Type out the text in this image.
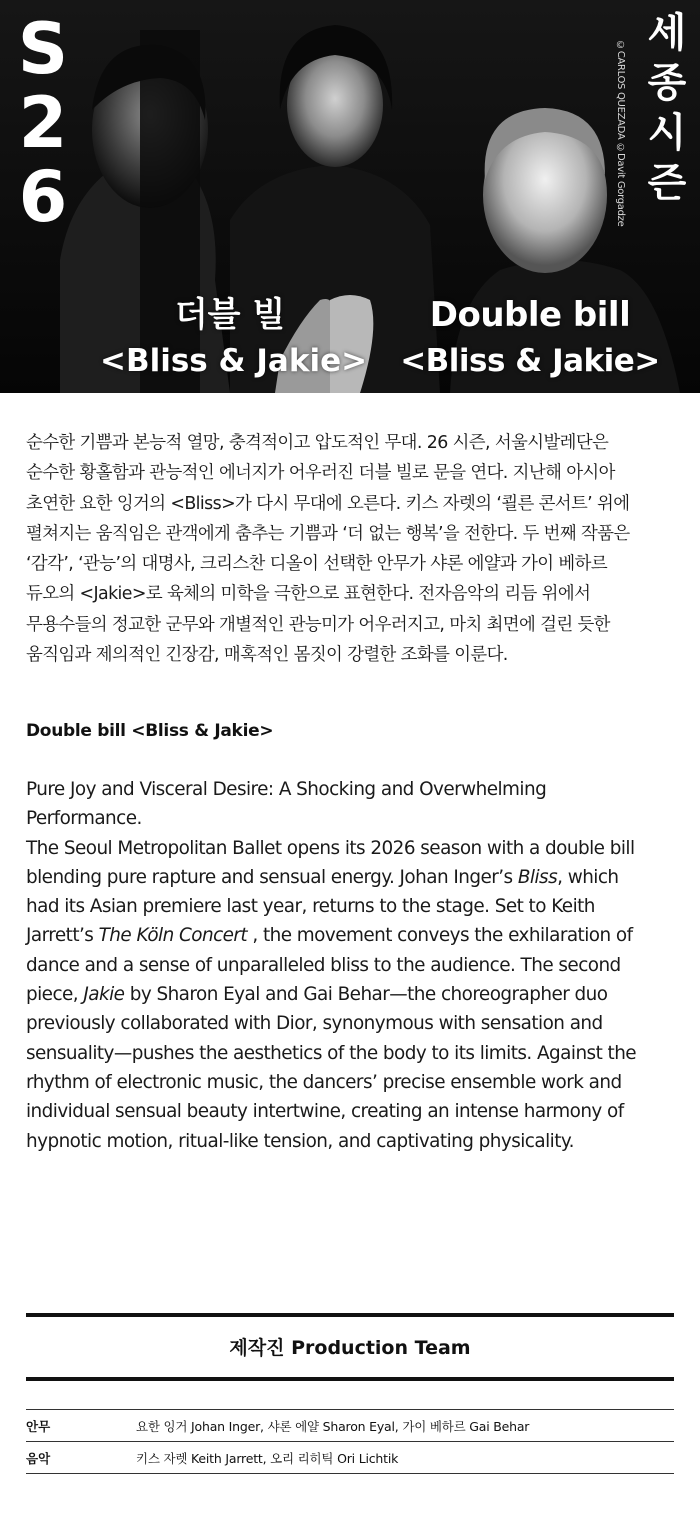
S
2
6	©CARLOS QUEZADA ©Davit Gorgadze
세
종
시
즌
더블 빌
<Bliss & Jakie>
Double bill
<Bliss & Jakie>

순수한 기쁨과 본능적 열망, 충격적이고 압도적인 무대. 26 시즌, 서울시발레단은
순수한 황홀함과 관능적인 에너지가 어우러진 더블 빌로 문을 연다. 지난해 아시아
초연한 요한 잉거의 <Bliss>가 다시 무대에 오른다. 키스 자렛의 ‘쾰른 콘서트’ 위에
펼쳐지는 움직임은 관객에게 춤추는 기쁨과 ‘더 없는 행복’을 전한다. 두 번째 작품은
‘감각’, ‘관능’의 대명사, 크리스찬 디올이 선택한 안무가 샤론 에얄과 가이 베하르
듀오의 <Jakie>로 육체의 미학을 극한으로 표현한다. 전자음악의 리듬 위에서
무용수들의 정교한 군무와 개별적인 관능미가 어우러지고, 마치 최면에 걸린 듯한
움직임과 제의적인 긴장감, 매혹적인 몸짓이 강렬한 조화를 이룬다.

Double bill <Bliss & Jakie>

Pure Joy and Visceral Desire: A Shocking and Overwhelming
Performance.
The Seoul Metropolitan Ballet opens its 2026 season with a double bill
blending pure rapture and sensual energy. Johan Inger’s Bliss, which
had its Asian premiere last year, returns to the stage. Set to Keith
Jarrett’s The Köln Concert , the movement conveys the exhilaration of
dance and a sense of unparalleled bliss to the audience. The second
piece, Jakie by Sharon Eyal and Gai Behar—the choreographer duo
previously collaborated with Dior, synonymous with sensation and
sensuality—pushes the aesthetics of the body to its limits. Against the
rhythm of electronic music, the dancers’ precise ensemble work and
individual sensual beauty intertwine, creating an intense harmony of
hypnotic motion, ritual-like tension, and captivating physicality.

제작진 Production Team
안무	요한 잉거 Johan Inger, 샤론 에얄 Sharon Eyal, 가이 베하르 Gai Behar
음악	키스 자렛 Keith Jarrett, 오리 리히틱 Ori Lichtik
